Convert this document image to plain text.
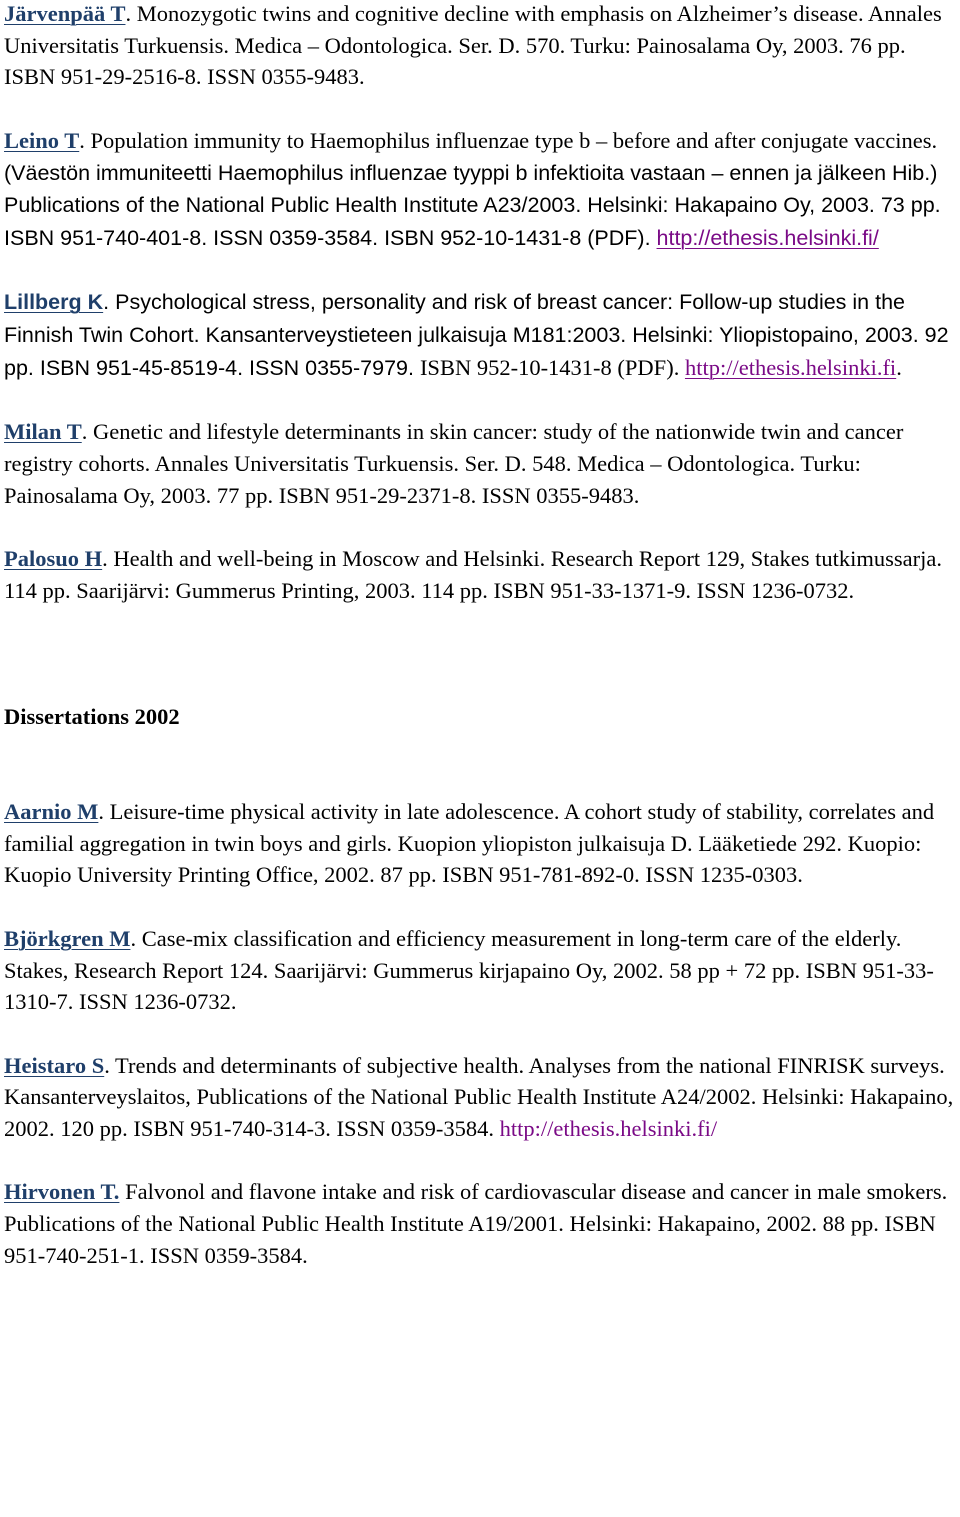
Järvenpää T. Monozygotic twins and cognitive decline with emphasis on Alzheimer’s disease. Annales Universitatis Turkuensis. Medica – Odontologica. Ser. D. 570. Turku: Painosalama Oy, 2003. 76 pp. ISBN 951-29-2516-8. ISSN 0355-9483.

Leino T. Population immunity to Haemophilus influenzae type b – before and after conjugate vaccines. (Väestön immuniteetti Haemophilus influenzae tyyppi b infektioita vastaan – ennen ja jälkeen Hib.) Publications of the National Public Health Institute A23/2003. Helsinki: Hakapaino Oy, 2003. 73 pp. ISBN 951-740-401-8. ISSN 0359-3584. ISBN 952-10-1431-8 (PDF). http://ethesis.helsinki.fi/

Lillberg K. Psychological stress, personality and risk of breast cancer: Follow-up studies in the Finnish Twin Cohort. Kansanterveystieteen julkaisuja M181:2003. Helsinki: Yliopistopaino, 2003. 92 pp. ISBN 951-45-8519-4. ISSN 0355-7979. ISBN 952-10-1431-8 (PDF). http://ethesis.helsinki.fi.

Milan T. Genetic and lifestyle determinants in skin cancer: study of the nationwide twin and cancer registry cohorts. Annales Universitatis Turkuensis. Ser. D. 548. Medica – Odontologica. Turku: Painosalama Oy, 2003. 77 pp. ISBN 951-29-2371-8. ISSN 0355-9483.

Palosuo H. Health and well-being in Moscow and Helsinki. Research Report 129, Stakes tutkimussarja. 114 pp. Saarijärvi: Gummerus Printing, 2003. 114 pp. ISBN 951-33-1371-9. ISSN 1236-0732.

Dissertations 2002

Aarnio M. Leisure-time physical activity in late adolescence. A cohort study of stability, correlates and familial aggregation in twin boys and girls. Kuopion yliopiston julkaisuja D. Lääketiede 292. Kuopio: Kuopio University Printing Office, 2002. 87 pp. ISBN 951-781-892-0. ISSN 1235-0303.

Björkgren M. Case-mix classification and efficiency measurement in long-term care of the elderly. Stakes, Research Report 124. Saarijärvi: Gummerus kirjapaino Oy, 2002. 58 pp + 72 pp. ISBN 951-33-1310-7. ISSN 1236-0732.

Heistaro S. Trends and determinants of subjective health. Analyses from the national FINRISK surveys. Kansanterveyslaitos, Publications of the National Public Health Institute A24/2002. Helsinki: Hakapaino, 2002. 120 pp. ISBN 951-740-314-3. ISSN 0359-3584. http://ethesis.helsinki.fi/

Hirvonen T. Falvonol and flavone intake and risk of cardiovascular disease and cancer in male smokers. Publications of the National Public Health Institute A19/2001. Helsinki: Hakapaino, 2002. 88 pp. ISBN 951-740-251-1. ISSN 0359-3584.
